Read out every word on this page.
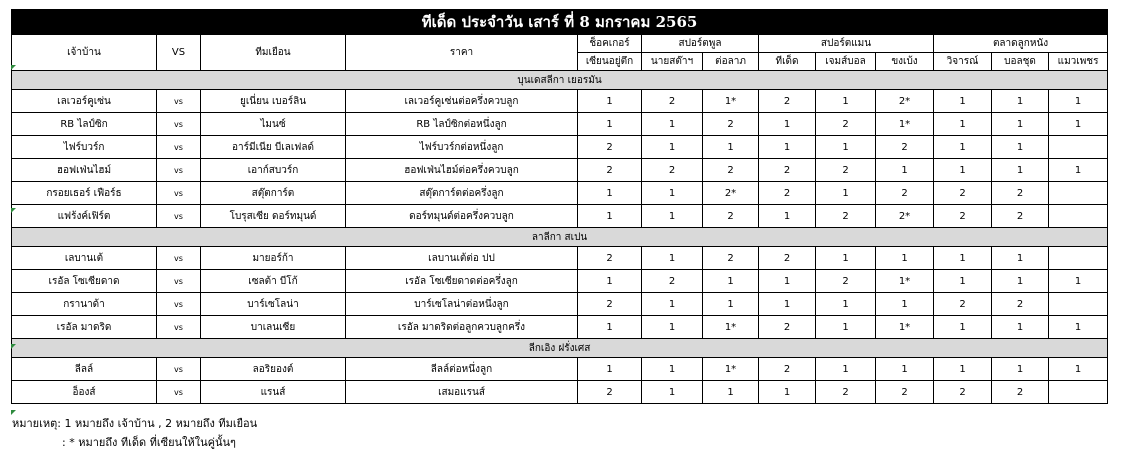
ทีเด็ด ประจำวัน เสาร์ ที่ 8 มกราคม 2565												
เจ้าบ้าน	VS	ทีมเยือน	ราคา	ช็อคเกอร์	สปอร์ตพูล		สปอร์ตแมน			ตลาดลูกหนัง		
				เซียนอยู่ตึก	นายสต๊าฯ	ต่อลาภ	ทีเด็ด	เจมส์บอล	ขงเบ้ง	วิจารณ์	บอลชุด	แมวเพชร
บุนเดสลีกา เยอรมัน												
เลเวอร์คูเซ่น	vs	ยูเนี่ยน เบอร์ลิน	เลเวอร์คูเซ่นต่อครึ่งควบลูก	1	2	1*	2	1	2*	1	1	1
RB ไลป์ซิก	vs	ไมนซ์	RB ไลป์ซิกต่อหนึ่งลูก	1	1	2	1	2	1*	1	1	1
ไฟร์บวร์ก	vs	อาร์มีเนีย บีเลเฟลด์	ไฟร์บวร์กต่อหนึ่งลูก	2	1	1	1	1	2	1	1	
ฮอฟเฟ่นไฮม์	vs	เอาก์สบวร์ก	ฮอฟเฟ่นไฮม์ต่อครึ่งควบลูก	2	2	2	2	2	1	1	1	1
กรอยเธอร์ เฟือร์ธ	vs	สตุ๊ตการ์ต	สตุ๊ตการ์ตต่อครึ่งลูก	1	1	2*	2	1	2	2	2	
แฟร้งค์เฟิร์ต	vs	โบรุสเซีย ดอร์ทมุนด์	ดอร์ทมุนด์ต่อครึ่งควบลูก	1	1	2	1	2	2*	2	2	
ลาลีกา สเปน												
เลบานเต้	vs	มายอร์ก้า	เลบานเต้ต่อ ปป	2	1	2	2	1	1	1	1	
เรอัล โซเซียดาด	vs	เซลต้า บีโก้	เรอัล โซเซียดาดต่อครึ่งลูก	1	2	1	1	2	1*	1	1	1
กรานาด้า	vs	บาร์เซโลน่า	บาร์เซโลน่าต่อหนึ่งลูก	2	1	1	1	1	1	2	2	
เรอัล มาดริด	vs	บาเลนเซีย	เรอัล มาดริดต่อลูกควบลูกครึ่ง	1	1	1*	2	1	1*	1	1	1
ลีกเอิง ฝรั่งเศส												
ลีลล์	vs	ลอริยองต์	ลีลล์ต่อหนึ่งลูก	1	1	1*	2	1	1	1	1	1
อ็องส์	vs	แรนส์	เสมอแรนส์	2	1	1	1	2	2	2	2	
หมายเหตุ: 1 หมายถึง เจ้าบ้าน , 2 หมายถึง ทีมเยือน
: * หมายถึง ทีเด็ด ที่เซียนให้ในคู่นั้นๆ
